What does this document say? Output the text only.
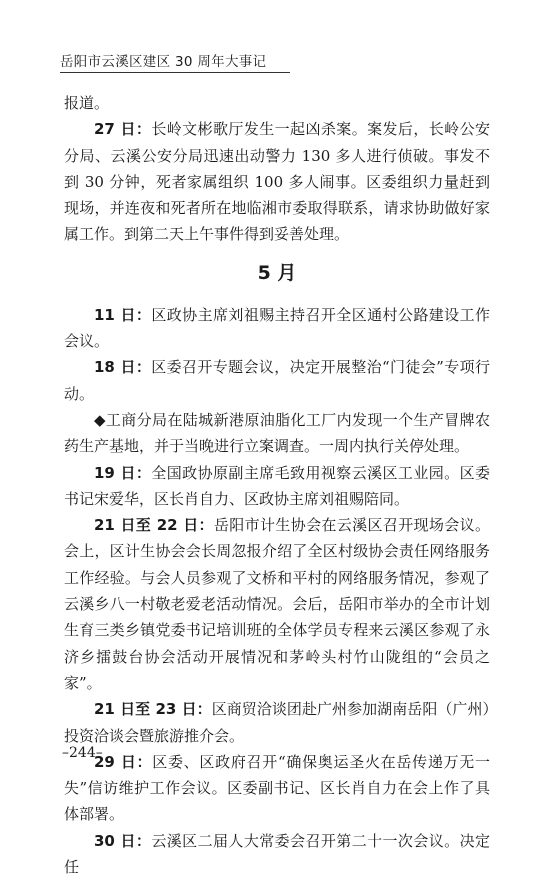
岳阳市云溪区建区 30 周年大事记

报道。

27 日：长岭文彬歌厅发生一起凶杀案。案发后，长岭公安分局、云溪公安分局迅速出动警力 130 多人进行侦破。事发不到 30 分钟，死者家属组织 100 多人闹事。区委组织力量赶到现场，并连夜和死者所在地临湘市委取得联系，请求协助做好家属工作。到第二天上午事件得到妥善处理。

5 月

11 日：区政协主席刘祖赐主持召开全区通村公路建设工作会议。

18 日：区委召开专题会议，决定开展整治“门徒会”专项行动。

◆工商分局在陆城新港原油脂化工厂内发现一个生产冒牌农药生产基地，并于当晚进行立案调查。一周内执行关停处理。

19 日：全国政协原副主席毛致用视察云溪区工业园。区委书记宋爱华，区长肖自力、区政协主席刘祖赐陪同。

21 日至 22 日：岳阳市计生协会在云溪区召开现场会议。会上，区计生协会会长周忽报介绍了全区村级协会责任网络服务工作经验。与会人员参观了文桥和平村的网络服务情况，参观了云溪乡八一村敬老爱老活动情况。会后，岳阳市举办的全市计划生育三类乡镇党委书记培训班的全体学员专程来云溪区参观了永济乡擂鼓台协会活动开展情况和茅岭头村竹山陇组的“会员之家”。

21 日至 23 日：区商贸洽谈团赴广州参加湖南岳阳（广州）投资洽谈会暨旅游推介会。

29 日：区委、区政府召开“确保奥运圣火在岳传递万无一失”信访维护工作会议。区委副书记、区长肖自力在会上作了具体部署。

30 日：云溪区二届人大常委会召开第二十一次会议。决定任

–244–
